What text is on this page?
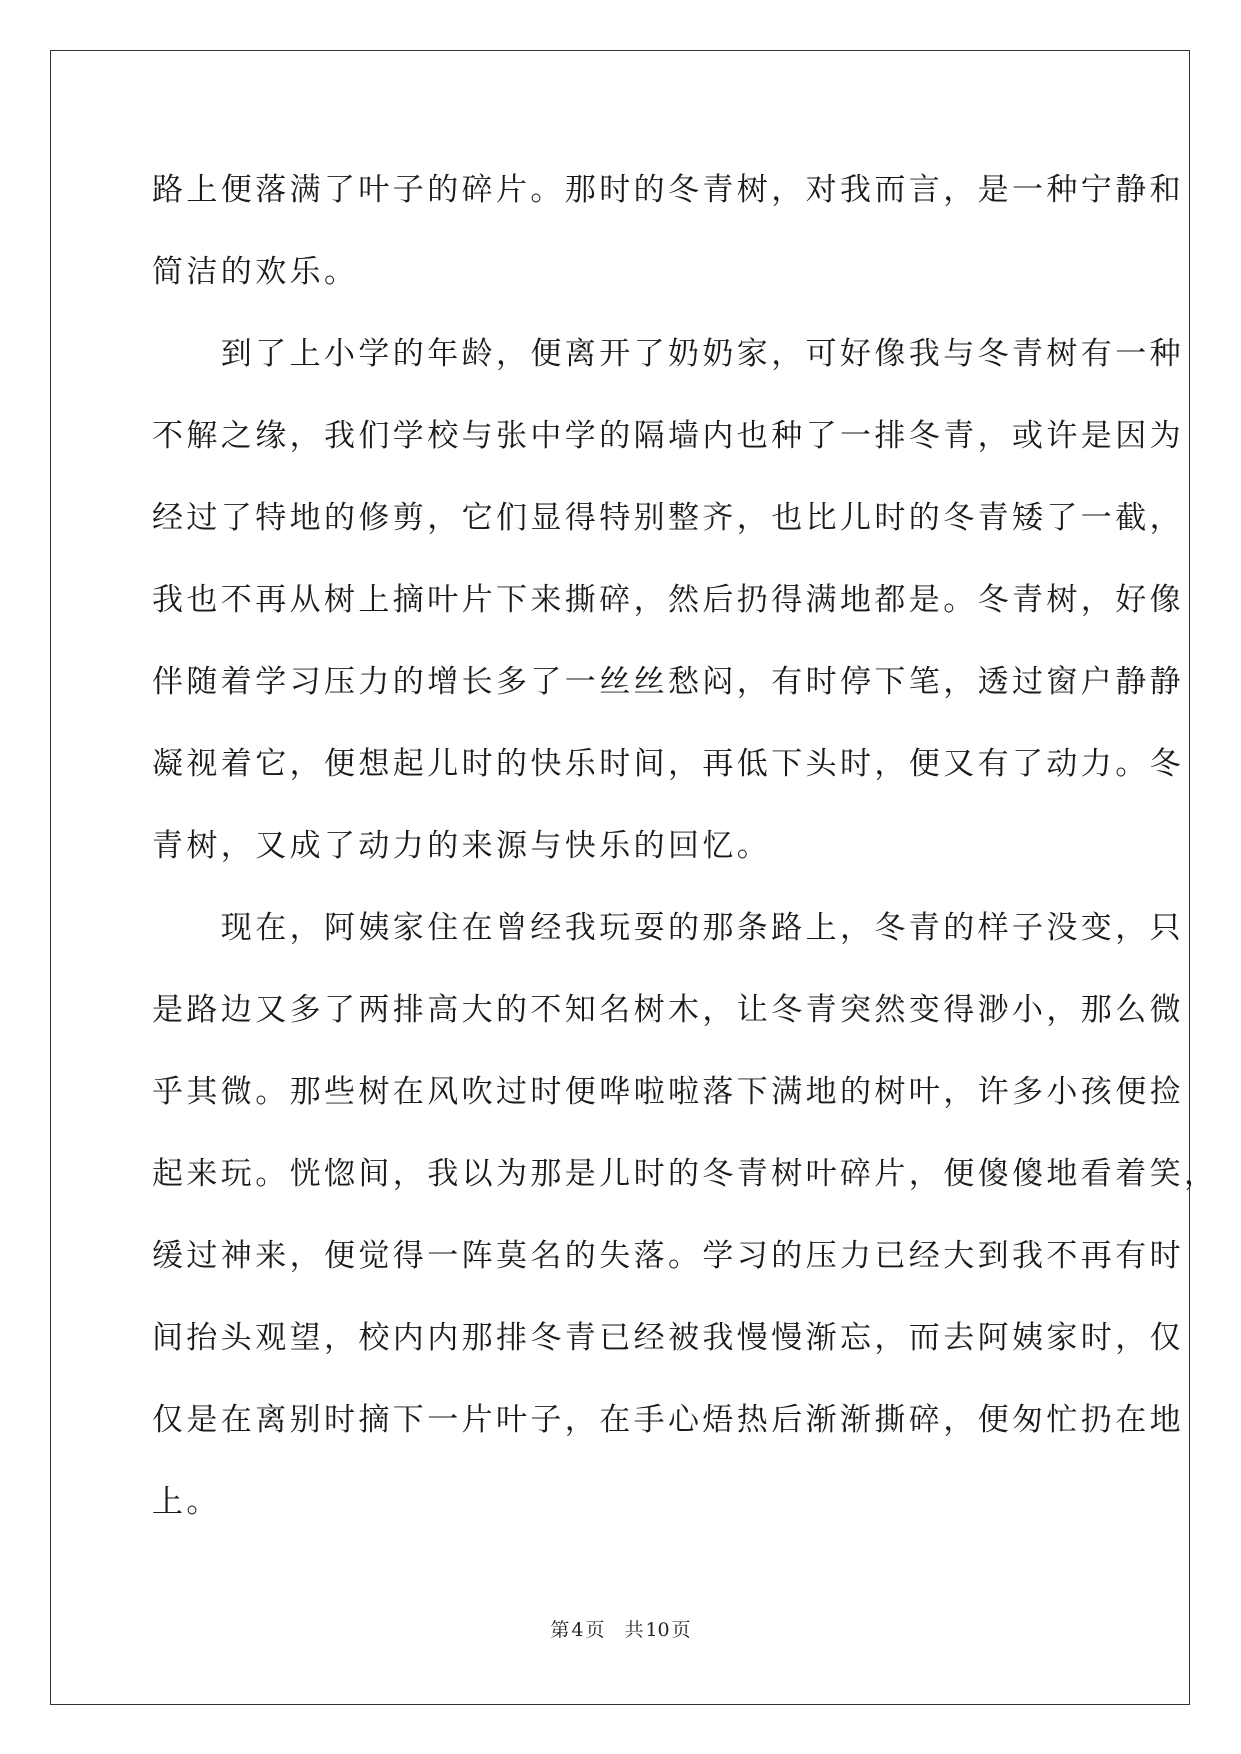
路上便落满了叶子的碎片。那时的冬青树，对我而言，是一种宁静和
简洁的欢乐。
　　到了上小学的年龄，便离开了奶奶家，可好像我与冬青树有一种
不解之缘，我们学校与张中学的隔墙内也种了一排冬青，或许是因为
经过了特地的修剪，它们显得特别整齐，也比儿时的冬青矮了一截，
我也不再从树上摘叶片下来撕碎，然后扔得满地都是。冬青树，好像
伴随着学习压力的增长多了一丝丝愁闷，有时停下笔，透过窗户静静
凝视着它，便想起儿时的快乐时间，再低下头时，便又有了动力。冬
青树，又成了动力的来源与快乐的回忆。
　　现在，阿姨家住在曾经我玩耍的那条路上，冬青的样子没变，只
是路边又多了两排高大的不知名树木，让冬青突然变得渺小，那么微
乎其微。那些树在风吹过时便哗啦啦落下满地的树叶，许多小孩便捡
起来玩。恍惚间，我以为那是儿时的冬青树叶碎片，便傻傻地看着笑，
缓过神来，便觉得一阵莫名的失落。学习的压力已经大到我不再有时
间抬头观望，校内内那排冬青已经被我慢慢渐忘，而去阿姨家时，仅
仅是在离别时摘下一片叶子，在手心焐热后渐渐撕碎，便匆忙扔在地
上。
第 4 页 共 10 页
